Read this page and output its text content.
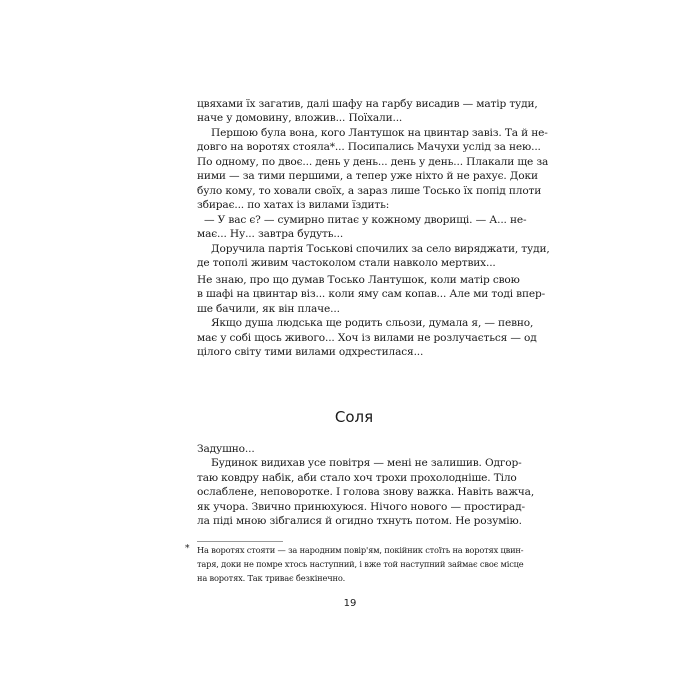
цвяхами їх загатив, далі шафу на гарбу висадив — матір туди,
наче у домовину, вложив... Поїхали...
Першою була вона, кого Лантушок на цвинтар завіз. Та й не-
довго на воротях стояла*... Посипались Мачухи услід за нею...
По одному, по двоє... день у день... день у день... Плакали ще за
ними — за тими першими, а тепер уже ніхто й не рахує. Доки
було кому, то ховали своїх, а зараз лише Тосько їх попід плоти
збирає... по хатах із вилами їздить:
— У вас є? — сумирно питає у кожному дворищі. — А... не-
має... Ну... завтра будуть...
Доручила партія Тоськові спочилих за село виряджати, туди,
де тополі живим частоколом стали навколо мертвих...
Не знаю, про що думав Тосько Лантушок, коли матір свою
в шафі на цвинтар віз... коли яму сам копав... Але ми тоді впер-
ше бачили, як він плаче...
Якщо душа людська ще родить сльози, думала я, — певно,
має у собі щось живого... Хоч із вилами не розлучається — од
цілого світу тими вилами одхрестилася...
Соля
Задушно...
Будинок видихав усе повітря — мені не залишив. Одгор-
таю ковдру набік, аби стало хоч трохи прохолодніше. Тіло
ослаблене, неповоротке. І голова знову важка. Навіть важча,
як учора. Звично принюхуюся. Нічого нового — простирад-
ла піді мною зібгалися й огидно тхнуть потом. Не розумію.
* На воротях стояти — за народним повір'ям, покійник стоїть на воротях цвин-
таря, доки не помре хтось наступний, і вже той наступний займає своє місце
на воротях. Так триває безкінечно.
19
